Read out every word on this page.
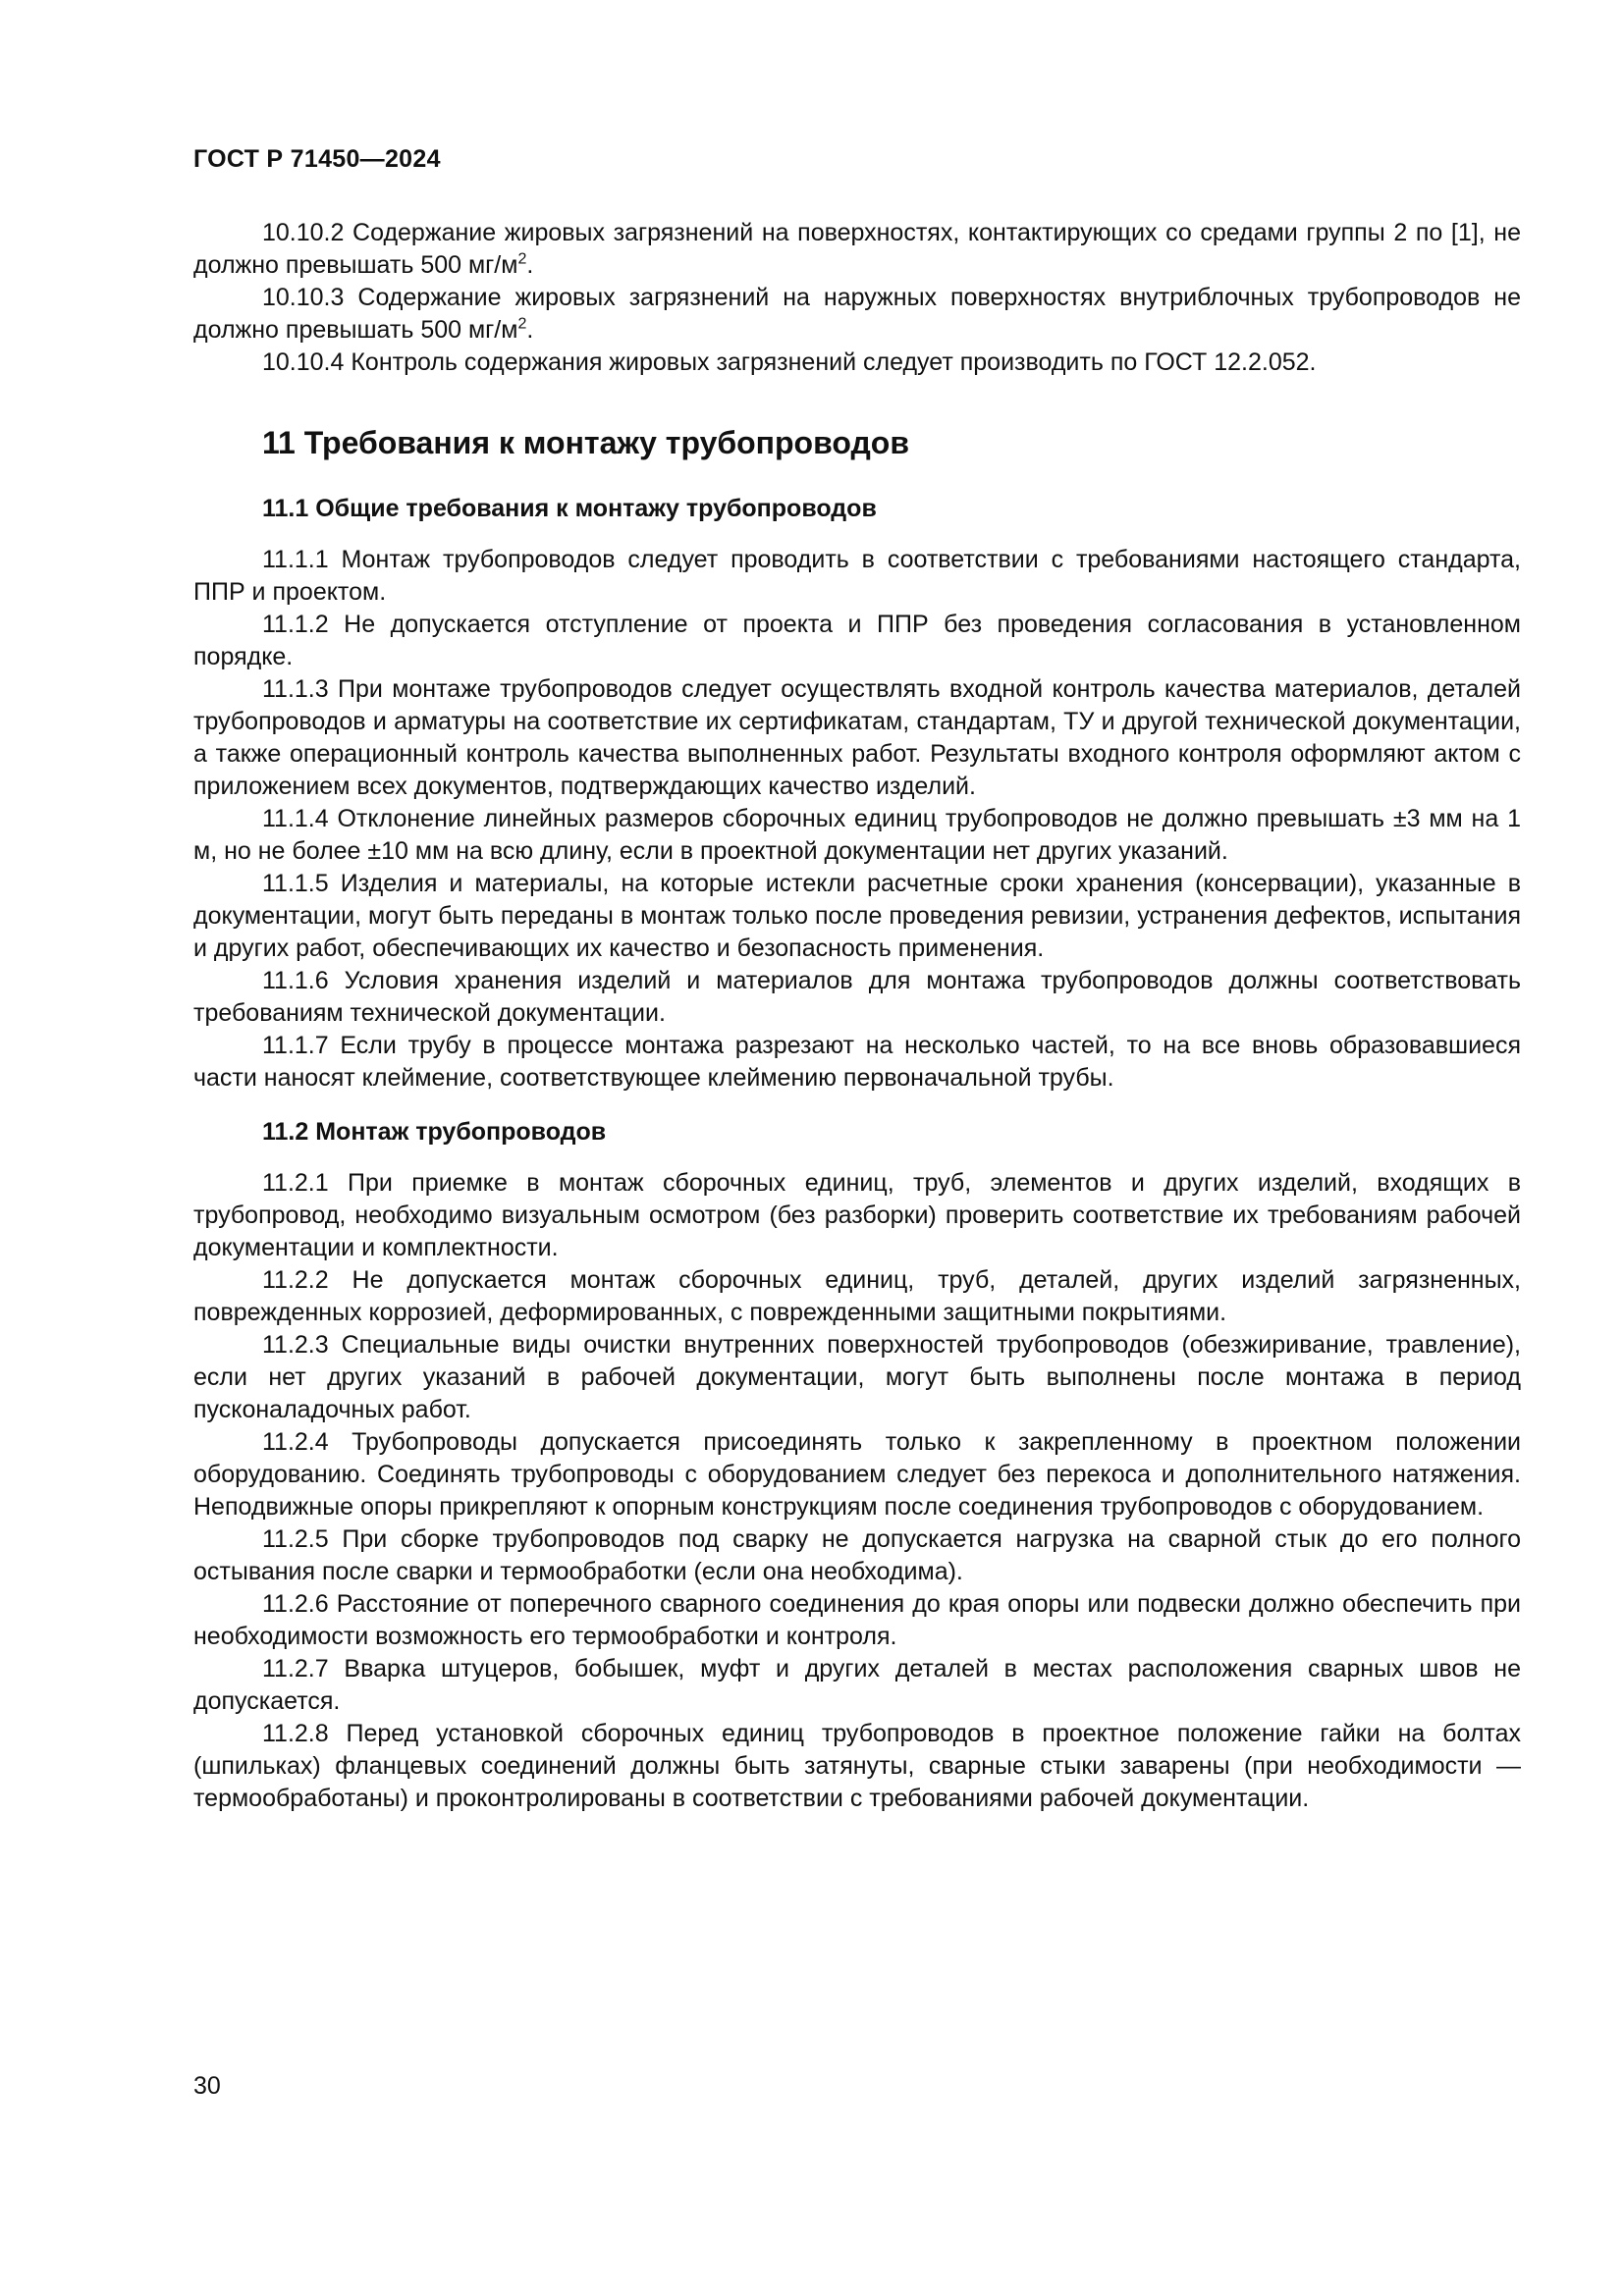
ГОСТ Р 71450—2024

10.10.2 Содержание жировых загрязнений на поверхностях, контактирующих со средами группы 2 по [1], не должно превышать 500 $мг/м^2$.

10.10.3 Содержание жировых загрязнений на наружных поверхностях внутриблочных трубопроводов не должно превышать 500 $мг/м^2$.

10.10.4 Контроль содержания жировых загрязнений следует производить по ГОСТ 12.2.052.

11 Требования к монтажу трубопроводов
11.1 Общие требования к монтажу трубопроводов

11.1.1 Монтаж трубопроводов следует проводить в соответствии с требованиями настоящего стандарта, ППР и проектом.

11.1.2 Не допускается отступление от проекта и ППР без проведения согласования в установленном порядке.

11.1.3 При монтаже трубопроводов следует осуществлять входной контроль качества материалов, деталей трубопроводов и арматуры на соответствие их сертификатам, стандартам, ТУ и другой технической документации, а также операционный контроль качества выполненных работ. Результаты входного контроля оформляют актом с приложением всех документов, подтверждающих качество изделий.

11.1.4 Отклонение линейных размеров сборочных единиц трубопроводов не должно превышать ±3 мм на 1 м, но не более ±10 мм на всю длину, если в проектной документации нет других указаний.

11.1.5 Изделия и материалы, на которые истекли расчетные сроки хранения (консервации), указанные в документации, могут быть переданы в монтаж только после проведения ревизии, устранения дефектов, испытания и других работ, обеспечивающих их качество и безопасность применения.

11.1.6 Условия хранения изделий и материалов для монтажа трубопроводов должны соответствовать требованиям технической документации.

11.1.7 Если трубу в процессе монтажа разрезают на несколько частей, то на все вновь образовавшиеся части наносят клеймение, соответствующее клеймению первоначальной трубы.

11.2 Монтаж трубопроводов

11.2.1 При приемке в монтаж сборочных единиц, труб, элементов и других изделий, входящих в трубопровод, необходимо визуальным осмотром (без разборки) проверить соответствие их требованиям рабочей документации и комплектности.

11.2.2 Не допускается монтаж сборочных единиц, труб, деталей, других изделий загрязненных, поврежденных коррозией, деформированных, с поврежденными защитными покрытиями.

11.2.3 Специальные виды очистки внутренних поверхностей трубопроводов (обезжиривание, травление), если нет других указаний в рабочей документации, могут быть выполнены после монтажа в период пусконаладочных работ.

11.2.4 Трубопроводы допускается присоединять только к закрепленному в проектном положении оборудованию. Соединять трубопроводы с оборудованием следует без перекоса и дополнительного натяжения. Неподвижные опоры прикрепляют к опорным конструкциям после соединения трубопроводов с оборудованием.

11.2.5 При сборке трубопроводов под сварку не допускается нагрузка на сварной стык до его полного остывания после сварки и термообработки (если она необходима).

11.2.6 Расстояние от поперечного сварного соединения до края опоры или подвески должно обеспечить при необходимости возможность его термообработки и контроля.

11.2.7 Вварка штуцеров, бобышек, муфт и других деталей в местах расположения сварных швов не допускается.

11.2.8 Перед установкой сборочных единиц трубопроводов в проектное положение гайки на болтах (шпильках) фланцевых соединений должны быть затянуты, сварные стыки заварены (при необходимости — термообработаны) и проконтролированы в соответствии с требованиями рабочей документации.

30
